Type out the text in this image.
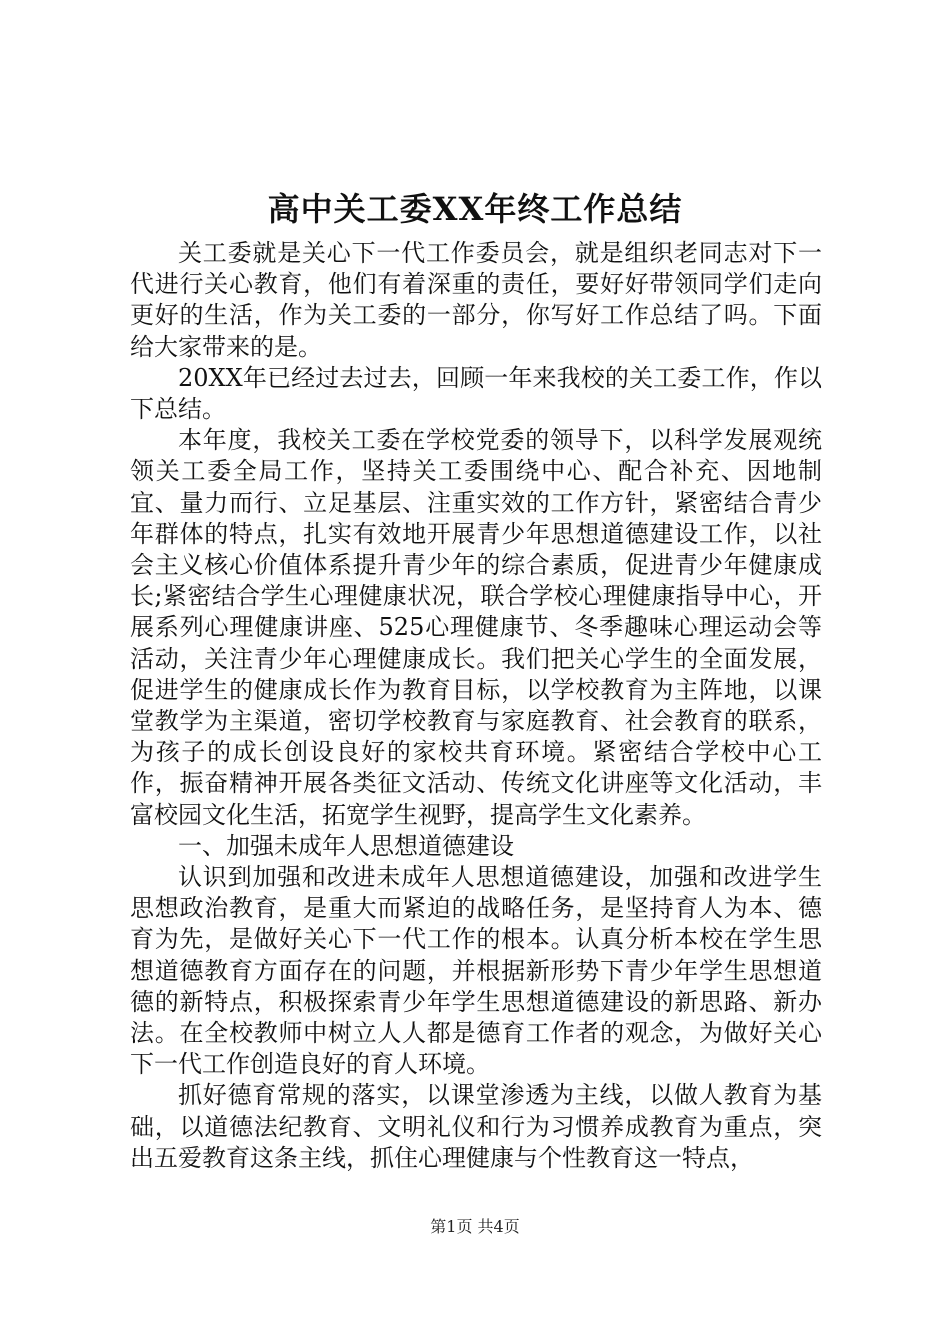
高中关工委XX年终工作总结

关工委就是关心下一代工作委员会，就是组织老同志对下一代进行关心教育，他们有着深重的责任，要好好带领同学们走向更好的生活，作为关工委的一部分，你写好工作总结了吗。下面给大家带来的是。

20XX年已经过去过去，回顾一年来我校的关工委工作，作以下总结。

本年度，我校关工委在学校党委的领导下，以科学发展观统领关工委全局工作，坚持关工委围绕中心、配合补充、因地制宜、量力而行、立足基层、注重实效的工作方针，紧密结合青少年群体的特点，扎实有效地开展青少年思想道德建设工作，以社会主义核心价值体系提升青少年的综合素质，促进青少年健康成长;紧密结合学生心理健康状况，联合学校心理健康指导中心，开展系列心理健康讲座、525心理健康节、冬季趣味心理运动会等活动，关注青少年心理健康成长。我们把关心学生的全面发展，促进学生的健康成长作为教育目标，以学校教育为主阵地，以课堂教学为主渠道，密切学校教育与家庭教育、社会教育的联系，为孩子的成长创设良好的家校共育环境。紧密结合学校中心工作，振奋精神开展各类征文活动、传统文化讲座等文化活动，丰富校园文化生活，拓宽学生视野，提高学生文化素养。

一、加强未成年人思想道德建设

认识到加强和改进未成年人思想道德建设，加强和改进学生思想政治教育，是重大而紧迫的战略任务，是坚持育人为本、德育为先，是做好关心下一代工作的根本。认真分析本校在学生思想道德教育方面存在的问题，并根据新形势下青少年学生思想道德的新特点，积极探索青少年学生思想道德建设的新思路、新办法。在全校教师中树立人人都是德育工作者的观念，为做好关心下一代工作创造良好的育人环境。

抓好德育常规的落实，以课堂渗透为主线，以做人教育为基础，以道德法纪教育、文明礼仪和行为习惯养成教育为重点，突出五爱教育这条主线，抓住心理健康与个性教育这一特点，

第1页 共4页
